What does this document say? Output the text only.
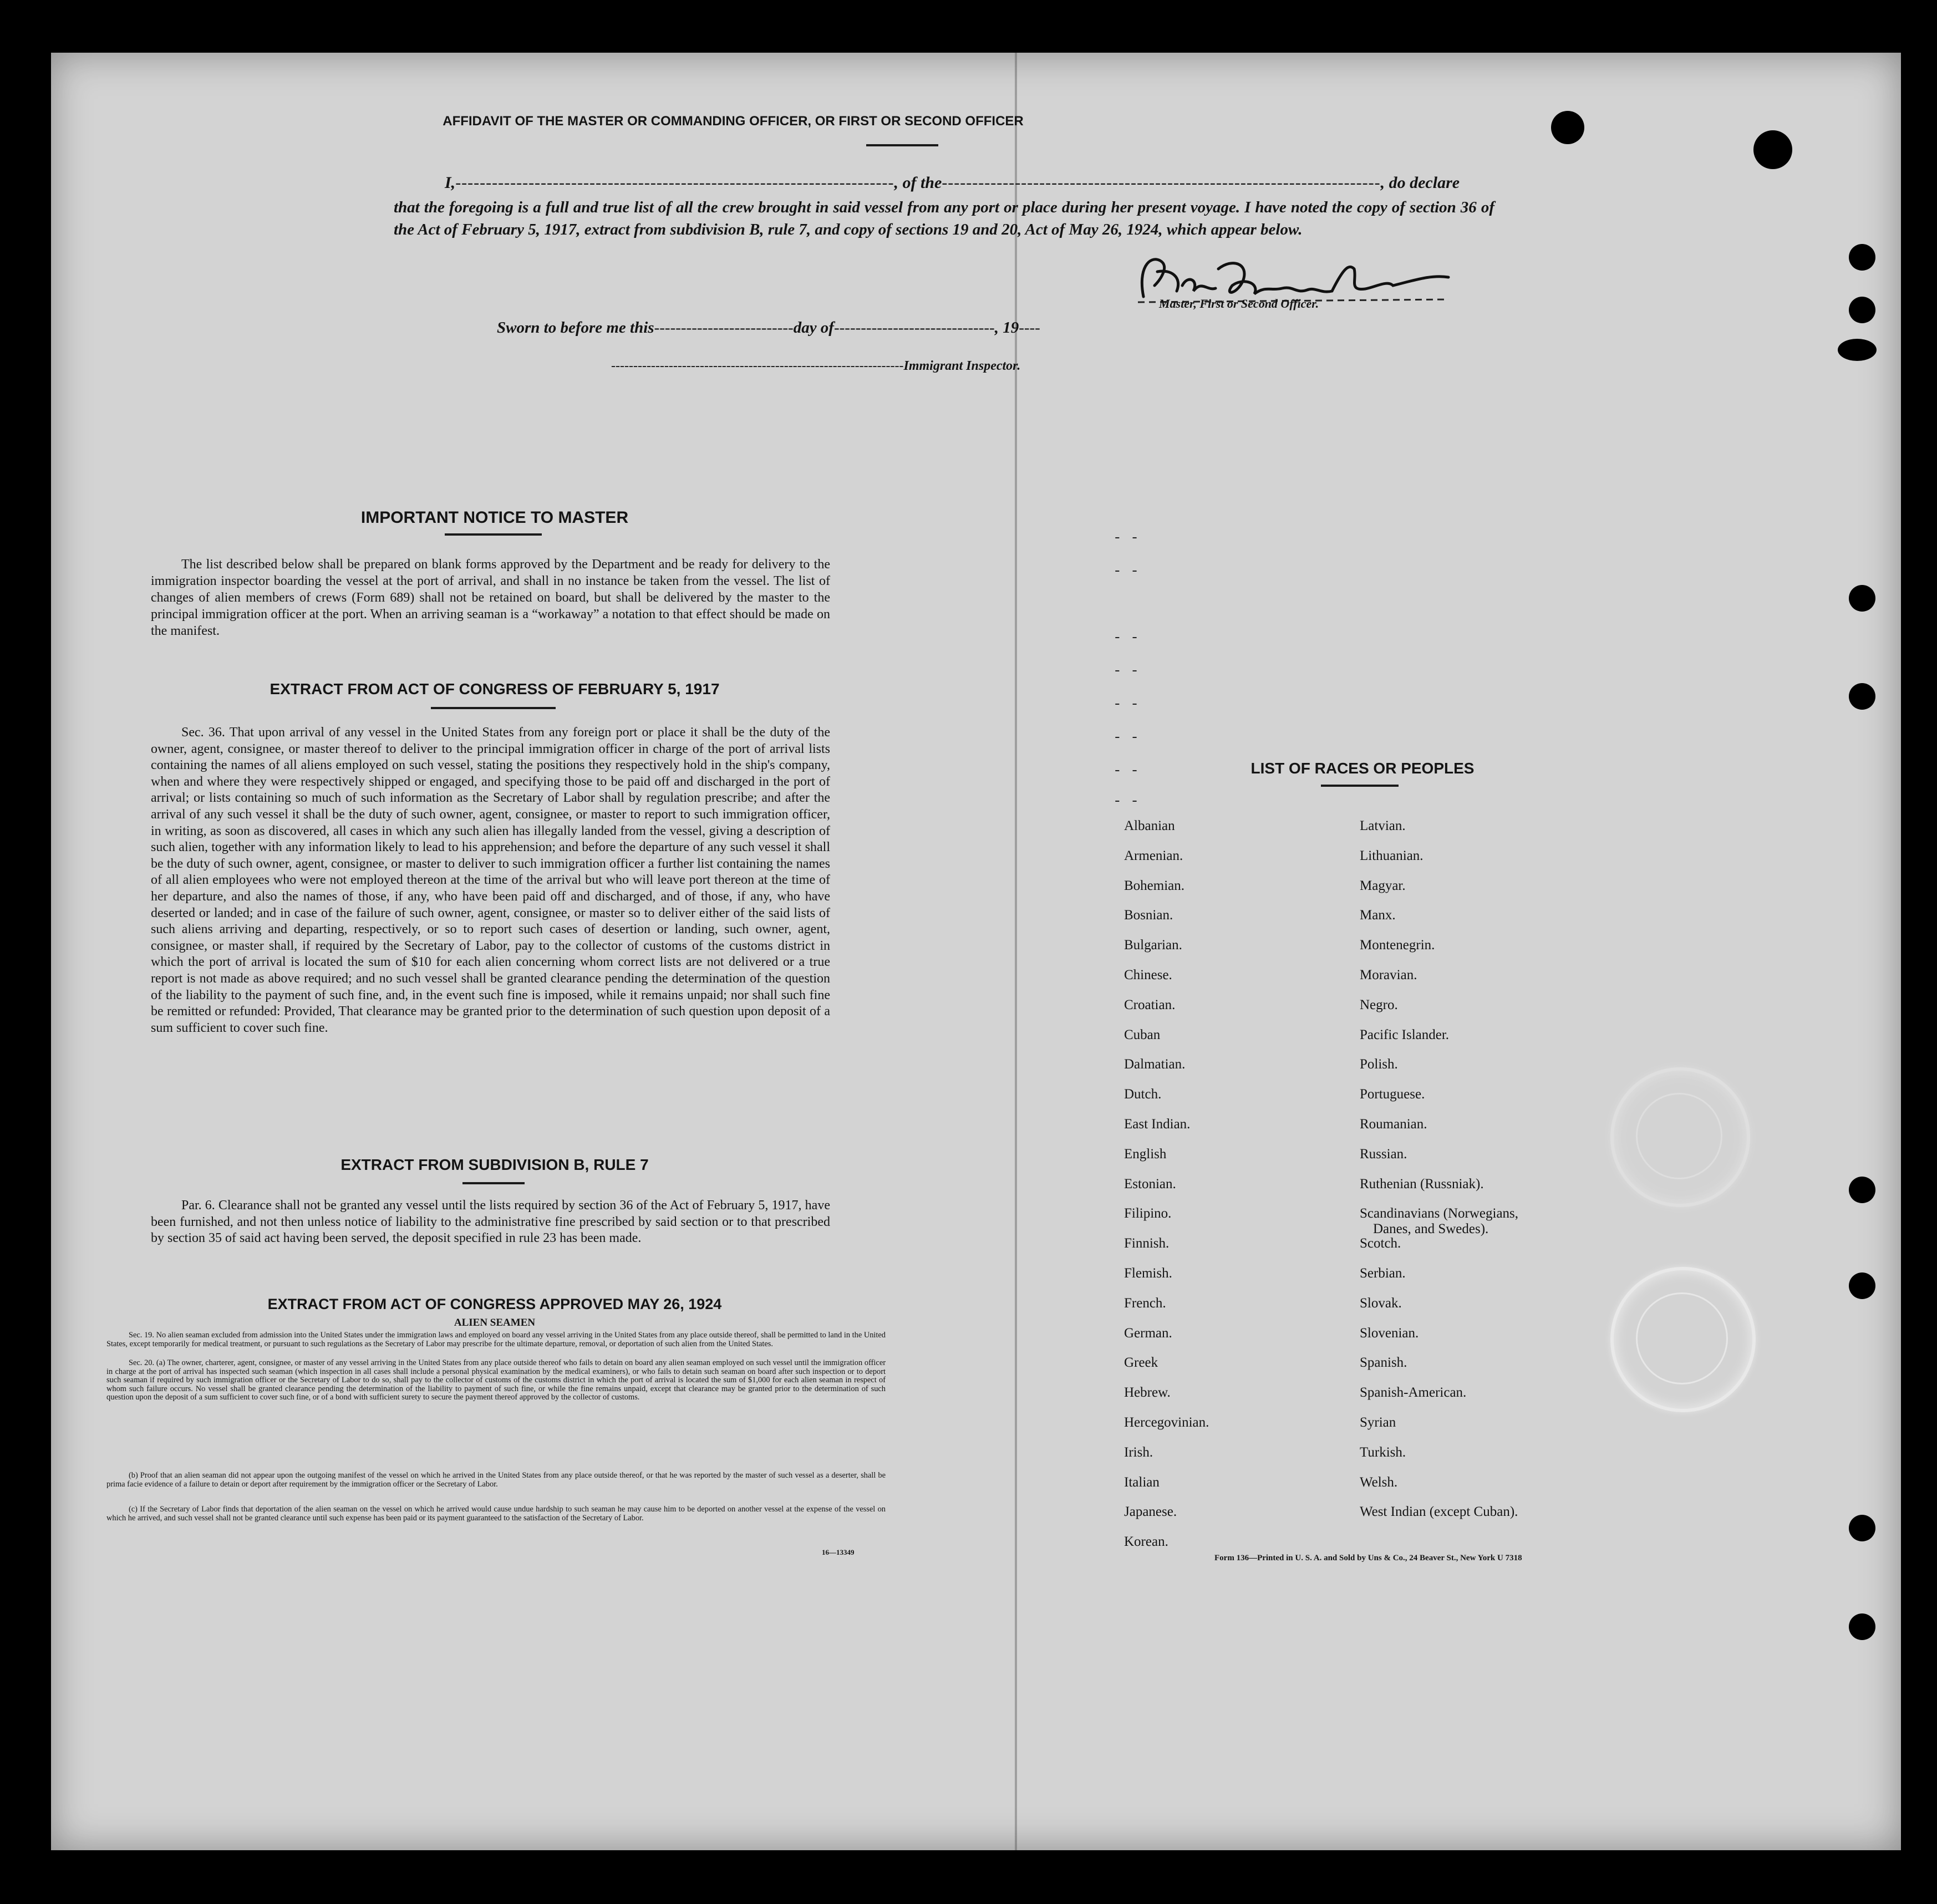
AFFIDAVIT OF THE MASTER OR COMMANDING OFFICER, OR FIRST OR SECOND OFFICER
I,------------------------------------------------------------------------, of the------------------------------------------------------------------------, do declare
that the foregoing is a full and true list of all the crew brought in said vessel from any port or place during her present voyage. I have noted the copy of section 36 of the Act of February 5, 1917, extract from subdivision B, rule 7, and copy of sections 19 and 20, Act of May 26, 1924, which appear below.
Master, First or Second Officer.
Sworn to before me this--------------------------day of------------------------------, 19----
------------------------------------------------------------------Immigrant Inspector.
IMPORTANT NOTICE TO MASTER
The list described below shall be prepared on blank forms approved by the Department and be ready for delivery to the immigration inspector boarding the vessel at the port of arrival, and shall in no instance be taken from the vessel. The list of changes of alien members of crews (Form 689) shall not be retained on board, but shall be delivered by the master to the principal immigration officer at the port. When an arriving seaman is a “workaway” a notation to that effect should be made on the manifest.
EXTRACT FROM ACT OF CONGRESS OF FEBRUARY 5, 1917
Sec. 36. That upon arrival of any vessel in the United States from any foreign port or place it shall be the duty of the owner, agent, consignee, or master thereof to deliver to the principal immigration officer in charge of the port of arrival lists containing the names of all aliens employed on such vessel, stating the positions they respectively hold in the ship's company, when and where they were respectively shipped or engaged, and specifying those to be paid off and discharged in the port of arrival; or lists containing so much of such information as the Secretary of Labor shall by regulation prescribe; and after the arrival of any such vessel it shall be the duty of such owner, agent, consignee, or master to report to such immigration officer, in writing, as soon as discovered, all cases in which any such alien has illegally landed from the vessel, giving a description of such alien, together with any information likely to lead to his apprehension; and before the departure of any such vessel it shall be the duty of such owner, agent, consignee, or master to deliver to such immigration officer a further list containing the names of all alien employees who were not employed thereon at the time of the arrival but who will leave port thereon at the time of her departure, and also the names of those, if any, who have been paid off and discharged, and of those, if any, who have deserted or landed; and in case of the failure of such owner, agent, consignee, or master so to deliver either of the said lists of such aliens arriving and departing, respectively, or so to report such cases of desertion or landing, such owner, agent, consignee, or master shall, if required by the Secretary of Labor, pay to the collector of customs of the customs district in which the port of arrival is located the sum of $10 for each alien concerning whom correct lists are not delivered or a true report is not made as above required; and no such vessel shall be granted clearance pending the determination of the question of the liability to the payment of such fine, and, in the event such fine is imposed, while it remains unpaid; nor shall such fine be remitted or refunded: Provided, That clearance may be granted prior to the determination of such question upon deposit of a sum sufficient to cover such fine.
EXTRACT FROM SUBDIVISION B, RULE 7
Par. 6. Clearance shall not be granted any vessel until the lists required by section 36 of the Act of February 5, 1917, have been furnished, and not then unless notice of liability to the administrative fine prescribed by said section or to that prescribed by section 35 of said act having been served, the deposit specified in rule 23 has been made.
EXTRACT FROM ACT OF CONGRESS APPROVED MAY 26, 1924
ALIEN SEAMEN
Sec. 19. No alien seaman excluded from admission into the United States under the immigration laws and employed on board any vessel arriving in the United States from any place outside thereof, shall be permitted to land in the United States, except temporarily for medical treatment, or pursuant to such regulations as the Secretary of Labor may prescribe for the ultimate departure, removal, or deportation of such alien from the United States.
Sec. 20. (a) The owner, charterer, agent, consignee, or master of any vessel arriving in the United States from any place outside thereof who fails to detain on board any alien seaman employed on such vessel until the immigration officer in charge at the port of arrival has inspected such seaman (which inspection in all cases shall include a personal physical examination by the medical examiners), or who fails to detain such seaman on board after such inspection or to deport such seaman if required by such immigration officer or the Secretary of Labor to do so, shall pay to the collector of customs of the customs district in which the port of arrival is located the sum of $1,000 for each alien seaman in respect of whom such failure occurs. No vessel shall be granted clearance pending the determination of the liability to payment of such fine, or while the fine remains unpaid, except that clearance may be granted prior to the determination of such question upon the deposit of a sum sufficient to cover such fine, or of a bond with sufficient surety to secure the payment thereof approved by the collector of customs.
(b) Proof that an alien seaman did not appear upon the outgoing manifest of the vessel on which he arrived in the United States from any place outside thereof, or that he was reported by the master of such vessel as a deserter, shall be prima facie evidence of a failure to detain or deport after requirement by the immigration officer or the Secretary of Labor.
(c) If the Secretary of Labor finds that deportation of the alien seaman on the vessel on which he arrived would cause undue hardship to such seaman he may cause him to be deported on another vessel at the expense of the vessel on which he arrived, and such vessel shall not be granted clearance until such expense has been paid or its payment guaranteed to the satisfaction of the Secretary of Labor.
16—13349
- -
- -
- -
- -
- -
- -
- -
- -
LIST OF RACES OR PEOPLES
Form 136—Printed in U. S. A. and Sold by Uns & Co., 24 Beaver St., New York U 7318
Albanian
Armenian.
Bohemian.
Bosnian.
Bulgarian.
Chinese.
Croatian.
Cuban
Dalmatian.
Dutch.
East Indian.
English
Estonian.
Filipino.
Finnish.
Flemish.
French.
German.
Greek
Hebrew.
Hercegovinian.
Irish.
Italian
Japanese.
Korean.
Latvian.
Lithuanian.
Magyar.
Manx.
Montenegrin.
Moravian.
Negro.
Pacific Islander.
Polish.
Portuguese.
Roumanian.
Russian.
Ruthenian (Russniak).
Scandinavians (Norwegians,
Danes, and Swedes).
Scotch.
Serbian.
Slovak.
Slovenian.
Spanish.
Spanish-American.
Syrian
Turkish.
Welsh.
West Indian (except Cuban).
